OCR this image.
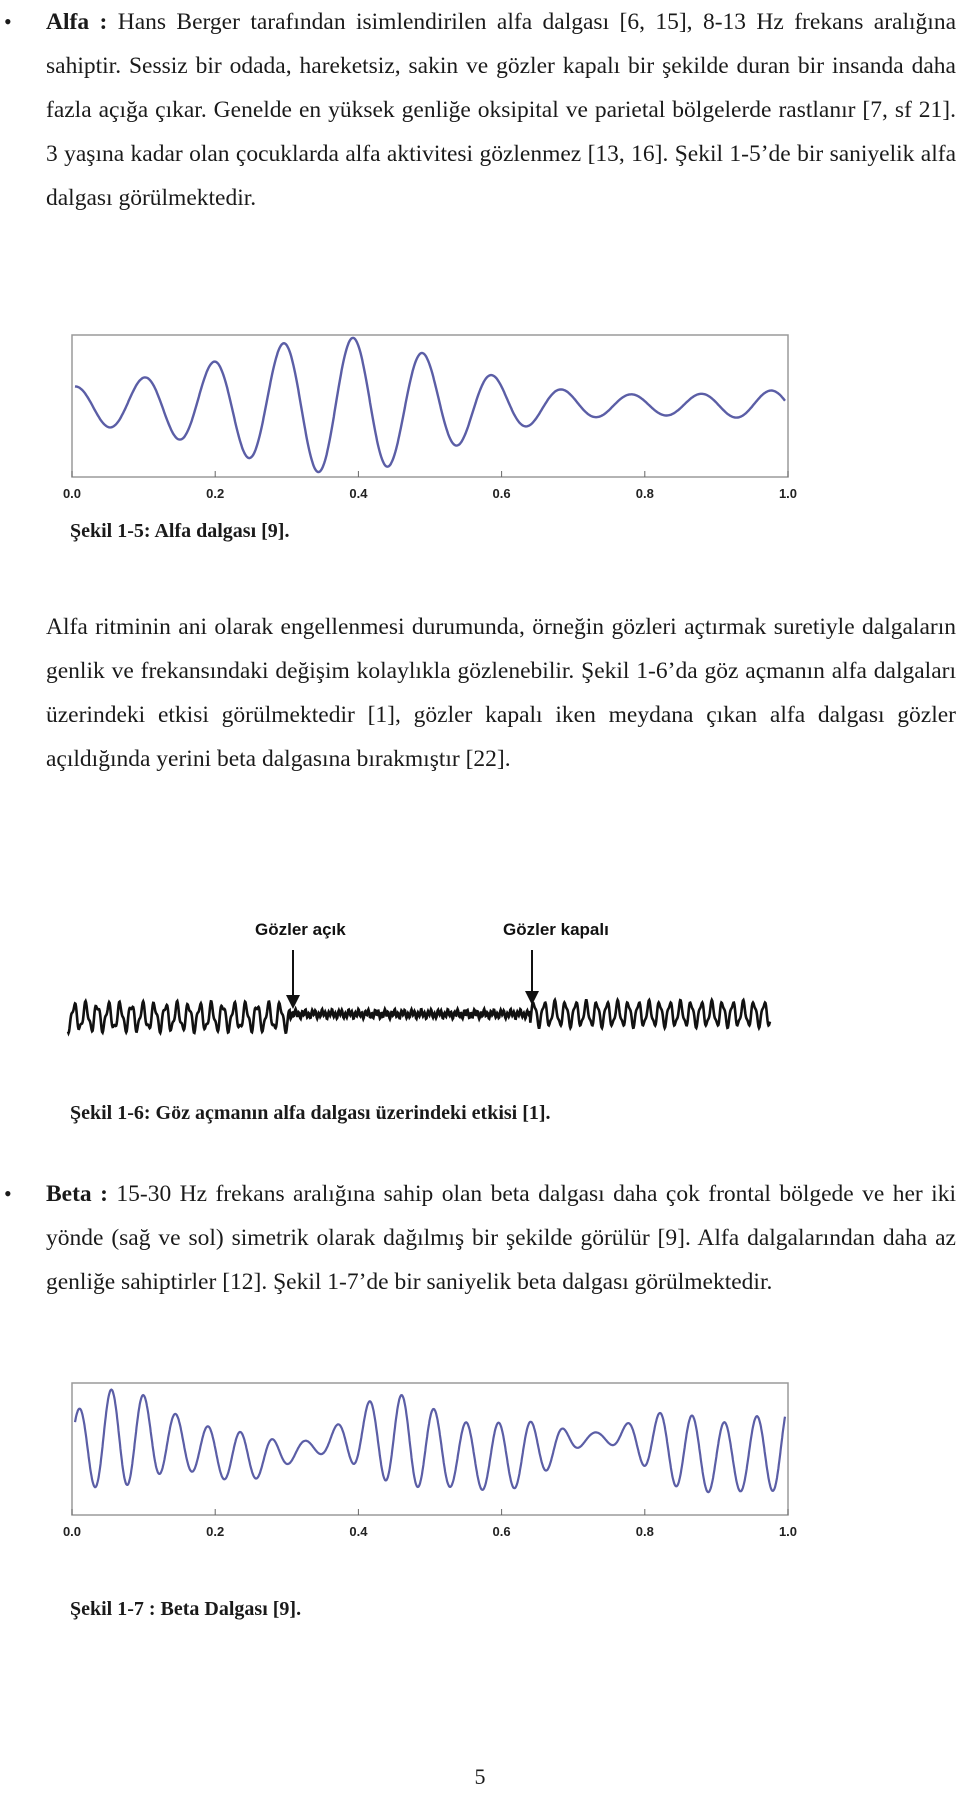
• Alfa : Hans Berger tarafından isimlendirilen alfa dalgası [6, 15], 8-13 Hz frekans aralığına sahiptir. Sessiz bir odada, hareketsiz, sakin ve gözler kapalı bir şekilde duran bir insanda daha fazla açığa çıkar. Genelde en yüksek genliğe oksipital ve parietal bölgelerde rastlanır [7, sf 21]. 3 yaşına kadar olan çocuklarda alfa aktivitesi gözlenmez [13, 16]. Şekil 1-5’de bir saniyelik alfa dalgası görülmektedir.

0.0	0.2	0.4	0.6	0.8	1.0

Şekil 1-5: Alfa dalgası [9].

Alfa ritminin ani olarak engellenmesi durumunda, örneğin gözleri açtırmak suretiyle dalgaların genlik ve frekansındaki değişim kolaylıkla gözlenebilir. Şekil 1-6’da göz açmanın alfa dalgaları üzerindeki etkisi görülmektedir [1], gözler kapalı iken meydana çıkan alfa dalgası gözler açıldığında yerini beta dalgasına bırakmıştır [22].

Gözler açık	Gözler kapalı

Şekil 1-6: Göz açmanın alfa dalgası üzerindeki etkisi [1].

• Beta : 15-30 Hz frekans aralığına sahip olan beta dalgası daha çok frontal bölgede ve her iki yönde (sağ ve sol) simetrik olarak dağılmış bir şekilde görülür [9]. Alfa dalgalarından daha az genliğe sahiptirler [12]. Şekil 1-7’de bir saniyelik beta dalgası görülmektedir.

0.0	0.2	0.4	0.6	0.8	1.0

Şekil 1-7 : Beta Dalgası [9].

5
